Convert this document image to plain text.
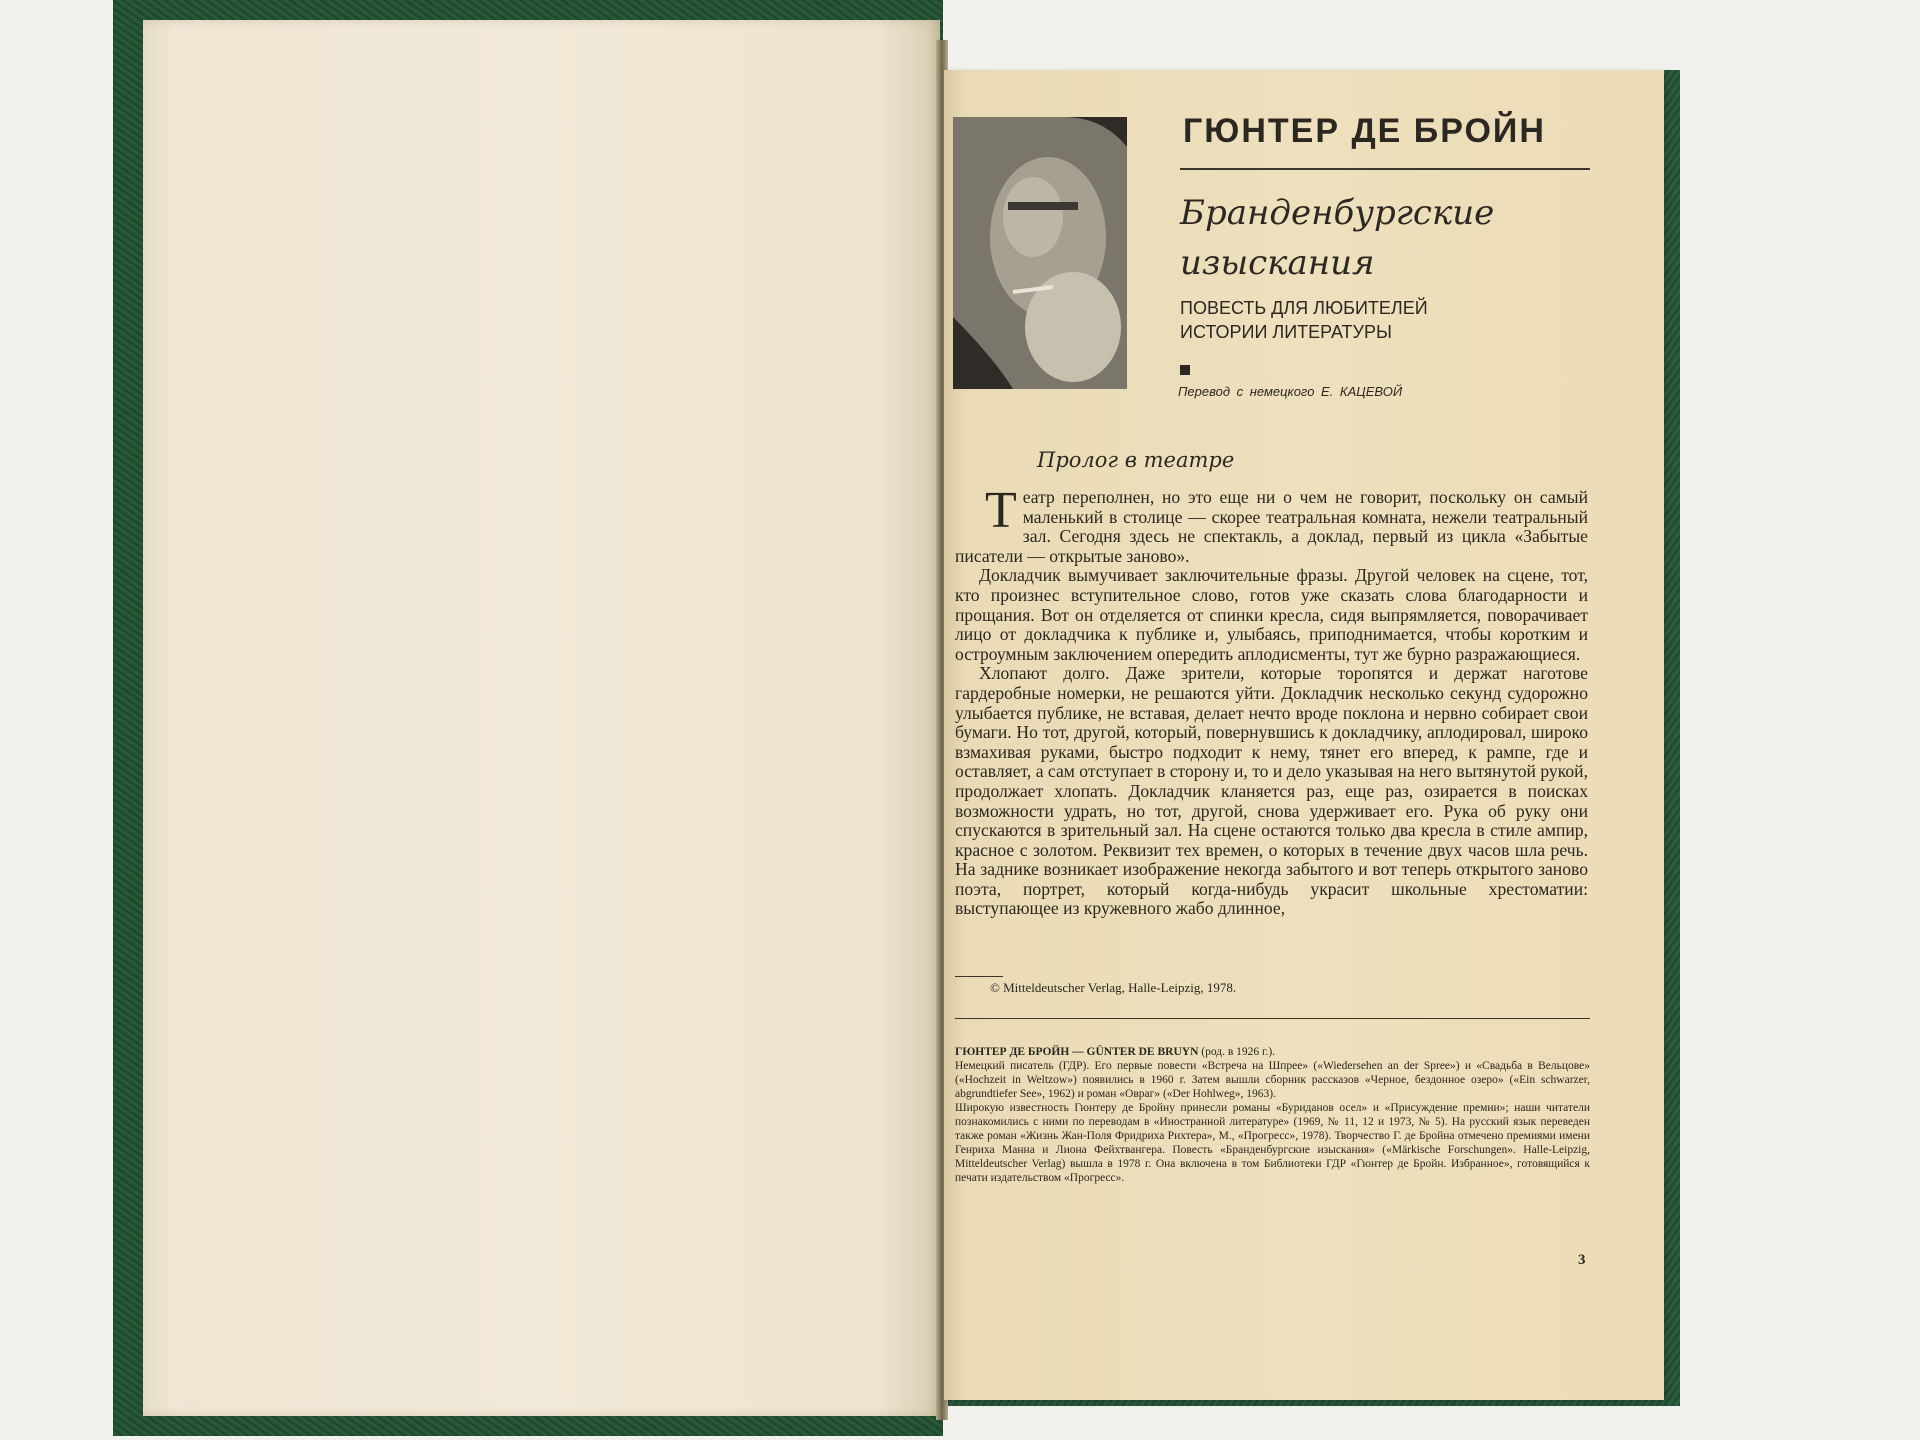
ГЮНТЕР ДЕ БРОЙН
Бранденбургские
изыскания
ПОВЕСТЬ ДЛЯ ЛЮБИТЕЛЕЙ
ИСТОРИИ ЛИТЕРАТУРЫ
Перевод с немецкого Е. КАЦЕВОЙ
Пролог в театре

Театр переполнен, но это еще ни о чем не говорит, поскольку он самый маленький в столице — скорее театральная комната, нежели театральный зал. Сегодня здесь не спектакль, а доклад, первый из цикла «Забытые писатели — открытые заново».

Докладчик вымучивает заключительные фразы. Другой человек на сцене, тот, кто произнес вступительное слово, готов уже сказать слова благодарности и прощания. Вот он отделяется от спинки кресла, сидя выпрямляется, поворачивает лицо от докладчика к публике и, улыбаясь, приподнимается, чтобы коротким и остроумным заключением опередить аплодисменты, тут же бурно разражающиеся.

Хлопают долго. Даже зрители, которые торопятся и держат наготове гардеробные номерки, не решаются уйти. Докладчик несколько секунд судорожно улыбается публике, не вставая, делает нечто вроде поклона и нервно собирает свои бумаги. Но тот, другой, который, повернувшись к докладчику, аплодировал, широко взмахивая руками, быстро подходит к нему, тянет его вперед, к рампе, где и оставляет, а сам отступает в сторону и, то и дело указывая на него вытянутой рукой, продолжает хлопать. Докладчик кланяется раз, еще раз, озирается в поисках возможности удрать, но тот, другой, снова удерживает его. Рука об руку они спускаются в зрительный зал. На сцене остаются только два кресла в стиле ампир, красное с золотом. Реквизит тех времен, о которых в течение двух часов шла речь. На заднике возникает изображение некогда забытого и вот теперь открытого заново поэта, портрет, который когда-нибудь украсит школьные хрестоматии: выступающее из кружевного жабо длинное,

© Mitteldeutscher Verlag, Halle-Leipzig, 1978.
ГЮНТЕР ДЕ БРОЙН — GÜNTER DE BRUYN (род. в 1926 г.).
Немецкий писатель (ГДР). Его первые повести «Встреча на Шпрее» («Wiedersehen an der Spree») и «Свадьба в Вельцове» («Hochzeit in Weltzow») появились в 1960 г. Затем вышли сборник рассказов «Черное, бездонное озеро» («Ein schwarzer, abgrundtiefer See», 1962) и роман «Овраг» («Der Hohlweg», 1963).
Широкую известность Гюнтеру де Бройну принесли романы «Буриданов осел» и «Присуждение премии»; наши читатели познакомились с ними по переводам в «Иностранной литературе» (1969, № 11, 12 и 1973, № 5). На русский язык переведен также роман «Жизнь Жан-Поля Фридриха Рихтера», М., «Прогресс», 1978). Творчество Г. де Бройна отмечено премиями имени Генриха Манна и Лиона Фейхтвангера. Повесть «Бранденбургские изыскания» («Märkische Forschungen». Halle-Leipzig, Mitteldeutscher Verlag) вышла в 1978 г. Она включена в том Библиотеки ГДР «Гюнтер де Бройн. Избранное», готовящийся к печати издательством «Прогресс».
3
